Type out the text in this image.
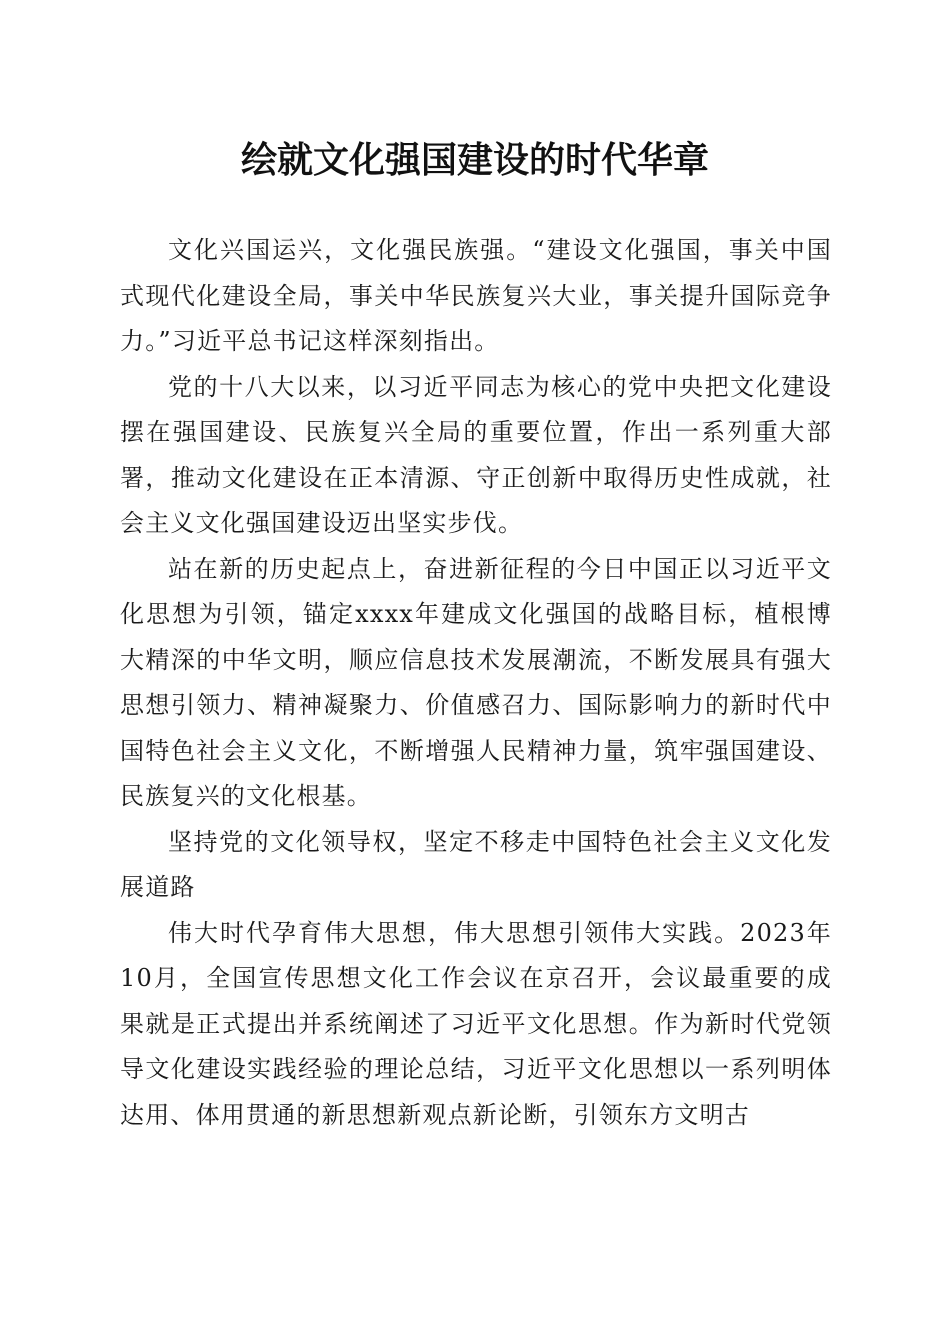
绘就文化强国建设的时代华章

文化兴国运兴，文化强民族强。“建设文化强国，事关中国式现代化建设全局，事关中华民族复兴大业，事关提升国际竞争力。”习近平总书记这样深刻指出。

党的十八大以来，以习近平同志为核心的党中央把文化建设摆在强国建设、民族复兴全局的重要位置，作出一系列重大部署，推动文化建设在正本清源、守正创新中取得历史性成就，社会主义文化强国建设迈出坚实步伐。

站在新的历史起点上，奋进新征程的今日中国正以习近平文化思想为引领，锚定xxxx年建成文化强国的战略目标，植根博大精深的中华文明，顺应信息技术发展潮流，不断发展具有强大思想引领力、精神凝聚力、价值感召力、国际影响力的新时代中国特色社会主义文化，不断增强人民精神力量，筑牢强国建设、民族复兴的文化根基。

坚持党的文化领导权，坚定不移走中国特色社会主义文化发展道路

伟大时代孕育伟大思想，伟大思想引领伟大实践。2023年10月，全国宣传思想文化工作会议在京召开，会议最重要的成果就是正式提出并系统阐述了习近平文化思想。作为新时代党领导文化建设实践经验的理论总结，习近平文化思想以一系列明体达用、体用贯通的新思想新观点新论断，引领东方文明古
